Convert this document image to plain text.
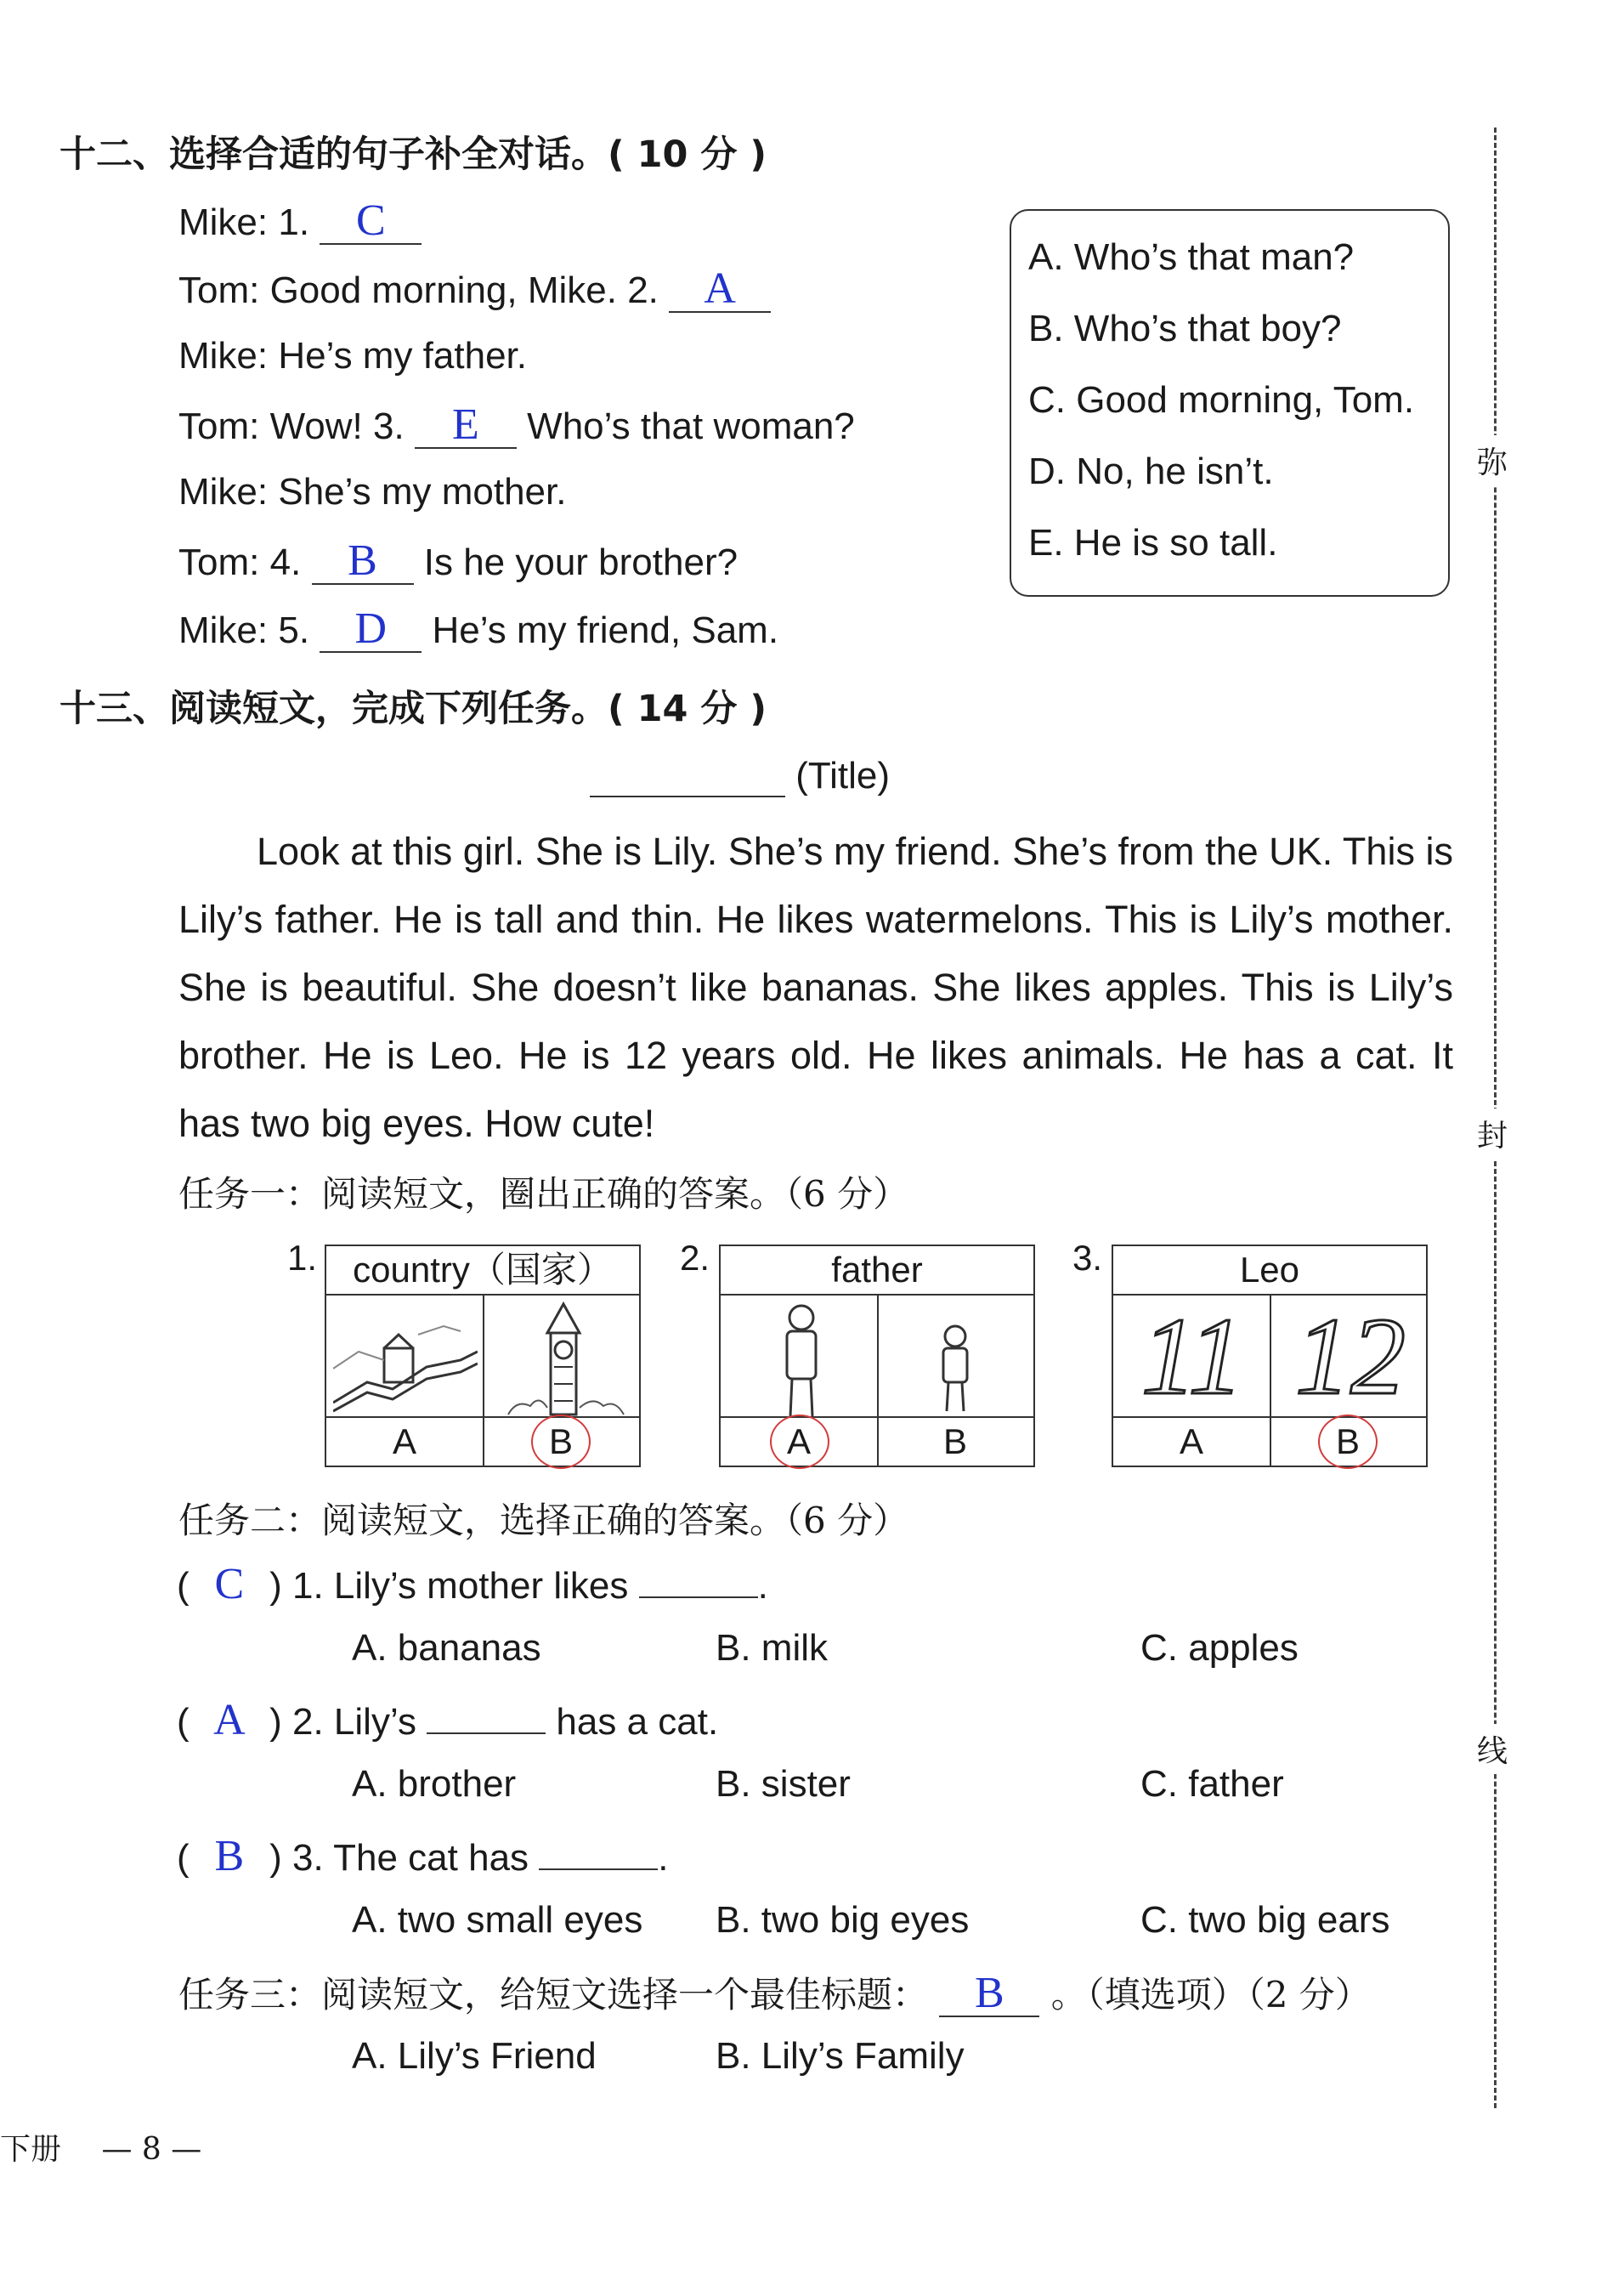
弥
封
线
十二、选择合适的句子补全对话。( 10 分 )
Mike: 1. C
Tom: Good morning, Mike. 2. A
Mike: He’s my father.
Tom: Wow! 3. E Who’s that woman?
Mike: She’s my mother.
Tom: 4. B Is he your brother?
Mike: 5. D He’s my friend, Sam.
A. Who’s that man?
B. Who’s that boy?
C. Good morning, Tom.
D. No, he isn’t.
E. He is so tall.
十三、阅读短文，完成下列任务。( 14 分 )
(Title)

Look at this girl. She is Lily. She’s my friend. She’s from the UK. This is Lily’s father. He is tall and thin. He likes watermelons. This is Lily’s mother. She is beautiful. She doesn’t like bananas. She likes apples. This is Lily’s brother. He is Leo. He is 12 years old. He likes animals. He has a cat. It has two big eyes. How cute!

任务一：阅读短文，圈出正确的答案。（6 分）
1.	country（国家）
A	B
2.	father
A	B
3.	Leo
11 12
A	B
任务二：阅读短文，选择正确的答案。（6 分）
( C ) 1. Lily’s mother likes	.
A. bananas	B. milk	C. apples
( A ) 2. Lily’s	has a cat.
A. brother	B. sister	C. father
( B ) 3. The cat has	.
A. two small eyes B. two big eyes	C. two big ears
任务三：阅读短文，给短文选择一个最佳标题： B 。（填选项）（2 分）
A. Lily’s Friend	B. Lily’s Family
下册 — 8 —
